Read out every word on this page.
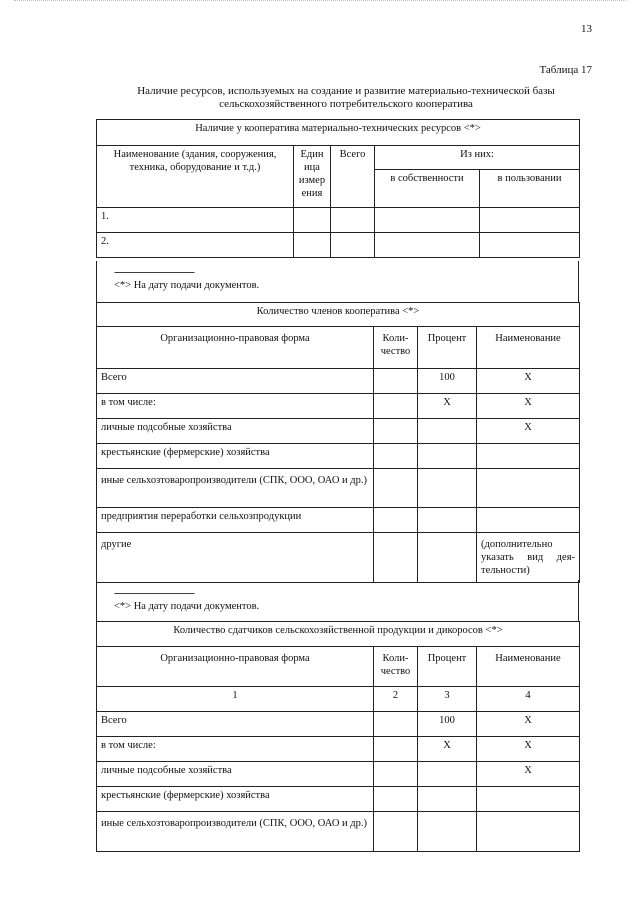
13
Таблица 17
Наличие ресурсов, используемых на создание и развитие материально-технической базы
сельскохозяйственного потребительского кооператива
Наличие у кооператива материально-технических ресурсов <*>				
Наименование (здания, сооружения, техника, оборудование и т.д.)	Един ица измер ения	Всего	Из них:	
			в собственности	в пользовании
1.				
2.				
--------------------------------
<*> На дату подачи документов.
Количество членов кооператива <*>			
Организационно-правовая форма	Коли-чество	Процент	Наименование
Всего		100	X
в том числе:		X	X
личные подсобные хозяйства			X
крестьянские (фермерские) хозяйства			
иные сельхозтоваропроизводители (СПК, ООО, ОАО и др.)			
предприятия переработки сельхозпродукции			
другие			(дополнительно указать вид дея-тельности)
--------------------------------
<*> На дату подачи документов.
Количество сдатчиков сельскохозяйственной продукции и дикоросов <*>			
Организационно-правовая форма	Коли-чество	Процент	Наименование
1	2	3	4
Всего		100	X
в том числе:		X	X
личные подсобные хозяйства			X
крестьянские (фермерские) хозяйства			
иные сельхозтоваропроизводители (СПК, ООО, ОАО и др.)			
